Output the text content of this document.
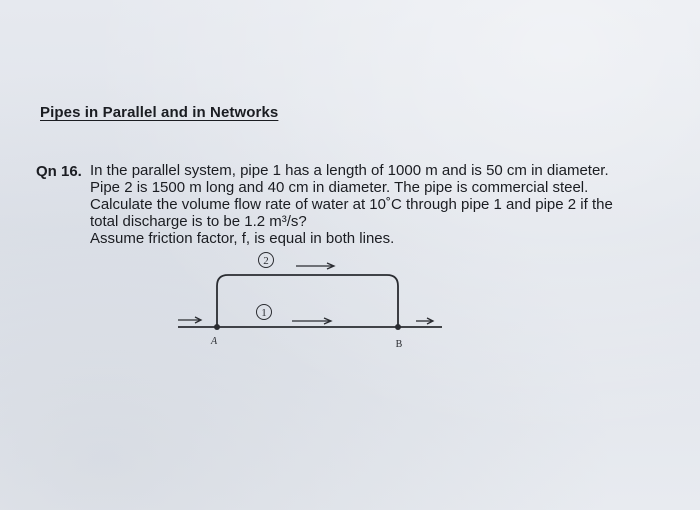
Pipes in Parallel and in Networks
Qn 16. In the parallel system, pipe 1 has a length of 1000 m and is 50 cm in diameter.

Pipe 2 is 1500 m long and 40 cm in diameter. The pipe is commercial steel.

Calculate the volume flow rate of water at 10˚C through pipe 1 and pipe 2 if the

total discharge is to be 1.2 m³/s?

Assume friction factor, f, is equal in both lines.

2
1
A	B
